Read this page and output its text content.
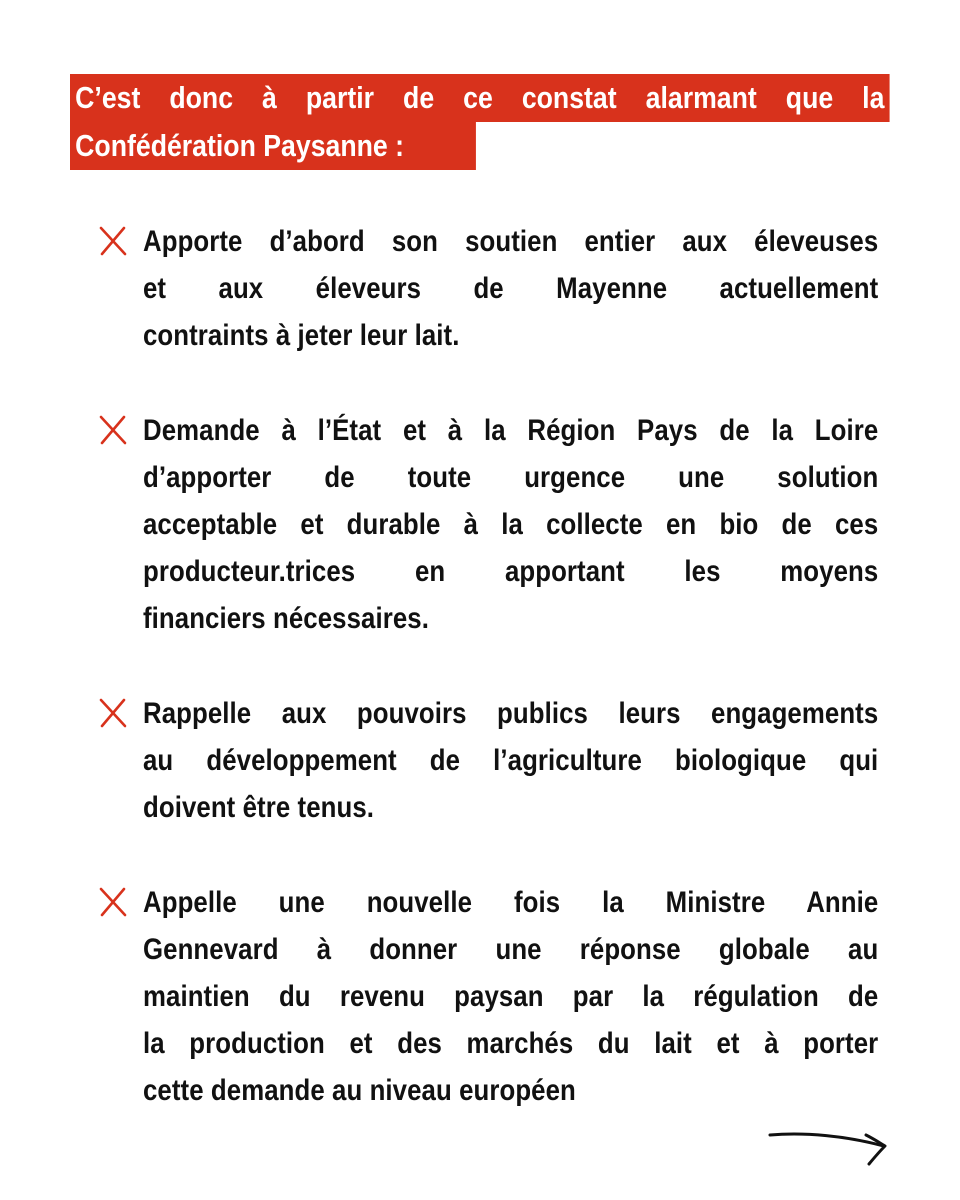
C’est donc à partir de ce constat alarmant que la
Confédération Paysanne :
Apporte d’abord son soutien entier aux éleveuses
et aux éleveurs de Mayenne actuellement
contraints à jeter leur lait.
Demande à l’État et à la Région Pays de la Loire
d’apporter de toute urgence une solution
acceptable et durable à la collecte en bio de ces
producteur.trices en apportant les moyens
financiers nécessaires.
Rappelle aux pouvoirs publics leurs engagements
au développement de l’agriculture biologique qui
doivent être tenus.
Appelle une nouvelle fois la Ministre Annie
Gennevard à donner une réponse globale au
maintien du revenu paysan par la régulation de
la production et des marchés du lait et à porter
cette demande au niveau européen
